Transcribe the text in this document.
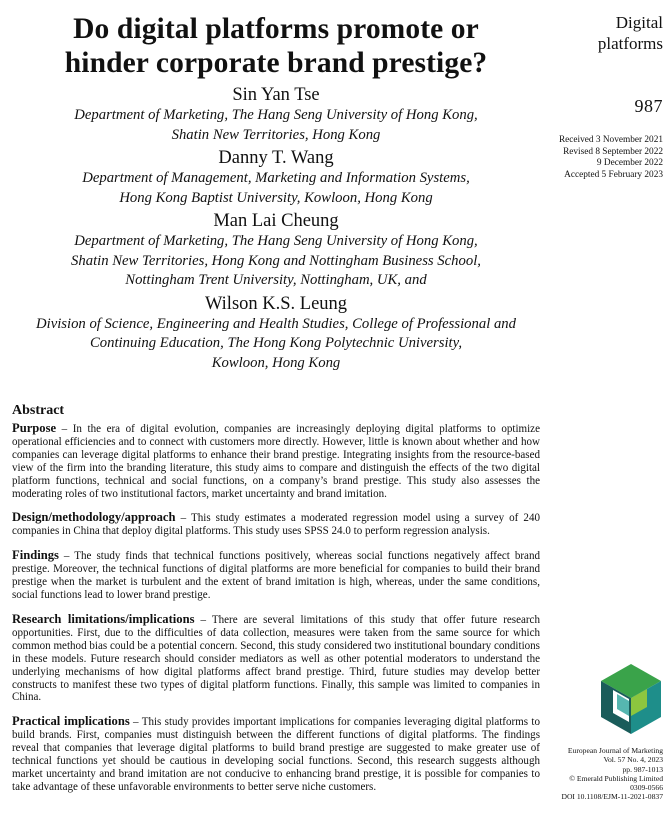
Do digital platforms promote or
hinder corporate brand prestige?
Sin Yan Tse
Department of Marketing, The Hang Seng University of Hong Kong,
Shatin New Territories, Hong Kong
Danny T. Wang
Department of Management, Marketing and Information Systems,
Hong Kong Baptist University, Kowloon, Hong Kong
Man Lai Cheung
Department of Marketing, The Hang Seng University of Hong Kong,
Shatin New Territories, Hong Kong and Nottingham Business School,
Nottingham Trent University, Nottingham, UK, and
Wilson K.S. Leung
Division of Science, Engineering and Health Studies, College of Professional and
Continuing Education, The Hong Kong Polytechnic University,
Kowloon, Hong Kong
Digital
platforms
987
Received 3 November 2021
Revised 8 September 2022
9 December 2022
Accepted 5 February 2023
Abstract

Purpose – In the era of digital evolution, companies are increasingly deploying digital platforms to optimize operational efficiencies and to connect with customers more directly. However, little is known about whether and how companies can leverage digital platforms to enhance their brand prestige. Integrating insights from the resource-based view of the firm into the branding literature, this study aims to compare and distinguish the effects of the two digital platform functions, technical and social functions, on a company’s brand prestige. This study also assesses the moderating roles of two institutional factors, market uncertainty and brand imitation.

Design/methodology/approach – This study estimates a moderated regression model using a survey of 240 companies in China that deploy digital platforms. This study uses SPSS 24.0 to perform regression analysis.

Findings – The study finds that technical functions positively, whereas social functions negatively affect brand prestige. Moreover, the technical functions of digital platforms are more beneficial for companies to build their brand prestige when the market is turbulent and the extent of brand imitation is high, whereas, under the same conditions, social functions lead to lower brand prestige.

Research limitations/implications – There are several limitations of this study that offer future research opportunities. First, due to the difficulties of data collection, measures were taken from the same source for which common method bias could be a potential concern. Second, this study considered two institutional boundary conditions in these models. Future research should consider mediators as well as other potential moderators to understand the underlying mechanisms of how digital platforms affect brand prestige. Third, future studies may develop better constructs to manifest these two types of digital platform functions. Finally, this sample was limited to companies in China.

Practical implications – This study provides important implications for companies leveraging digital platforms to build brands. First, companies must distinguish between the different functions of digital platforms. The findings reveal that companies that leverage digital platforms to build brand prestige are suggested to make greater use of technical functions yet should be cautious in developing social functions. Second, this research suggests although market uncertainty and brand imitation are not conducive to enhancing brand prestige, it is possible for companies to take advantage of these unfavorable environments to better serve niche customers.

European Journal of Marketing
Vol. 57 No. 4, 2023
pp. 987-1013
© Emerald Publishing Limited
0309-0566
DOI 10.1108/EJM-11-2021-0837
